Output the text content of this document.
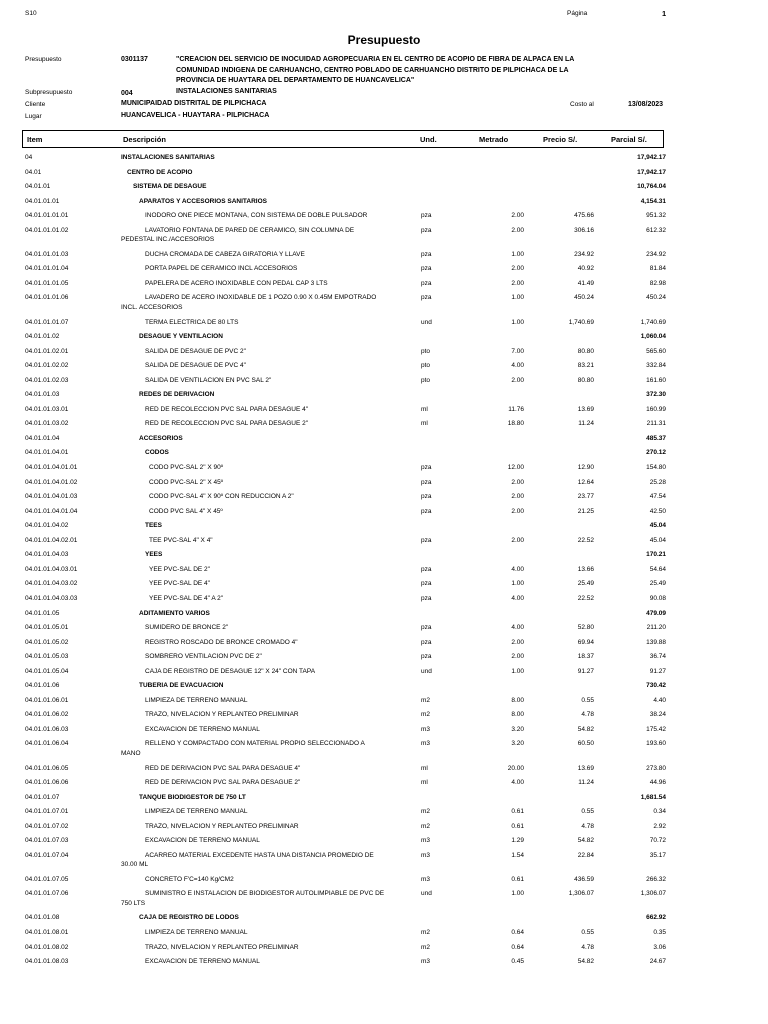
S10	Página	1
Presupuesto
Presupuesto	0301137	"CREACION DEL SERVICIO DE INOCUIDAD AGROPECUARIA EN EL CENTRO DE ACOPIO DE FIBRA DE ALPACA EN LA
COMUNIDAD INDIGENA DE CARHUANCHO, CENTRO POBLADO DE CARHUANCHO DISTRITO DE PILPICHACA DE LA
PROVINCIA DE HUAYTARA DEL DEPARTAMENTO DE HUANCAVELICA"
Subpresupuesto	004	INSTALACIONES SANITARIAS
Cliente	MUNICIPAIDAD DISTRITAL DE PILPICHACA	Costo al	13/08/2023
Lugar	HUANCAVELICA - HUAYTARA - PILPICHACA
Item	Descripción	Und.	Metrado	Precio S/.	Parcial S/.
04	INSTALACIONES SANITARIAS	17,942.17
04.01	CENTRO DE ACOPIO	17,942.17
04.01.01	SISTEMA DE DESAGUE	10,764.04
04.01.01.01	APARATOS Y ACCESORIOS SANITARIOS	4,154.31
04.01.01.01.01	INODORO ONE PIECE MONTANA, CON SISTEMA DE DOBLE PULSADOR	pza	2.00	475.66	951.32
04.01.01.01.02	LAVATORIO FONTANA DE PARED DE CERAMICO, SIN COLUMNA DE
PEDESTAL INC./ACCESORIOS
pza	2.00	306.16	612.32
04.01.01.01.03	DUCHA CROMADA DE CABEZA GIRATORIA Y LLAVE	pza	1.00	234.92	234.92
04.01.01.01.04	PORTA PAPEL DE CERAMICO INCL ACCESORIOS	pza	2.00	40.92	81.84
04.01.01.01.05	PAPELERA DE ACERO INOXIDABLE CON PEDAL CAP 3 LTS	pza	2.00	41.49	82.98
04.01.01.01.06	LAVADERO DE ACERO INOXIDABLE DE 1 POZO 0.90 X 0.45M EMPOTRADO
INCL. ACCESORIOS
pza	1.00	450.24	450.24
04.01.01.01.07	TERMA ELECTRICA DE 80 LTS	und	1.00	1,740.69	1,740.69
04.01.01.02	DESAGUE Y VENTILACION	1,060.04
04.01.01.02.01	SALIDA DE DESAGUE DE PVC 2"	pto	7.00	80.80	565.60
04.01.01.02.02	SALIDA DE DESAGUE DE PVC 4"	pto	4.00	83.21	332.84
04.01.01.02.03	SALIDA DE VENTILACION EN PVC SAL 2"	pto	2.00	80.80	161.60
04.01.01.03	REDES DE DERIVACION	372.30
04.01.01.03.01	RED DE RECOLECCION PVC SAL PARA DESAGUE 4"	ml	11.76	13.69	160.99
04.01.01.03.02	RED DE RECOLECCION PVC SAL PARA DESAGUE 2"	ml	18.80	11.24	211.31
04.01.01.04	ACCESORIOS	485.37
04.01.01.04.01	CODOS	270.12
04.01.01.04.01.01	CODO PVC-SAL 2" X 90º	pza	12.00	12.90	154.80
04.01.01.04.01.02	CODO PVC-SAL 2" X 45º	pza	2.00	12.64	25.28
04.01.01.04.01.03	CODO PVC-SAL 4" X 90º CON REDUCCION A 2"	pza	2.00	23.77	47.54
04.01.01.04.01.04	CODO PVC SAL 4" X 45º	pza	2.00	21.25	42.50
04.01.01.04.02	TEES	45.04
04.01.01.04.02.01	TEE PVC-SAL 4" X 4"	pza	2.00	22.52	45.04
04.01.01.04.03	YEES	170.21
04.01.01.04.03.01	YEE PVC-SAL DE 2"	pza	4.00	13.66	54.64
04.01.01.04.03.02	YEE PVC-SAL DE 4"	pza	1.00	25.49	25.49
04.01.01.04.03.03	YEE PVC-SAL DE 4" A 2"	pza	4.00	22.52	90.08
04.01.01.05	ADITAMIENTO VARIOS	479.09
04.01.01.05.01	SUMIDERO DE BRONCE 2"	pza	4.00	52.80	211.20
04.01.01.05.02	REGISTRO ROSCADO DE BRONCE CROMADO 4"	pza	2.00	69.94	139.88
04.01.01.05.03	SOMBRERO VENTILACION PVC DE 2"	pza	2.00	18.37	36.74
04.01.01.05.04	CAJA DE REGISTRO DE DESAGUE 12" X 24" CON TAPA	und	1.00	91.27	91.27
04.01.01.06	TUBERIA DE EVACUACION	730.42
04.01.01.06.01	LIMPIEZA DE TERRENO MANUAL	m2	8.00	0.55	4.40
04.01.01.06.02	TRAZO, NIVELACION Y REPLANTEO PRELIMINAR	m2	8.00	4.78	38.24
04.01.01.06.03	EXCAVACION DE TERRENO MANUAL	m3	3.20	54.82	175.42
04.01.01.06.04	RELLENO Y COMPACTADO CON MATERIAL PROPIO SELECCIONADO A
MANO
m3	3.20	60.50	193.60
04.01.01.06.05	RED DE DERIVACION PVC SAL PARA DESAGUE 4"	ml	20.00	13.69	273.80
04.01.01.06.06	RED DE DERIVACION PVC SAL PARA DESAGUE 2"	ml	4.00	11.24	44.96
04.01.01.07	TANQUE BIODIGESTOR DE 750 LT	1,681.54
04.01.01.07.01	LIMPIEZA DE TERRENO MANUAL	m2	0.61	0.55	0.34
04.01.01.07.02	TRAZO, NIVELACION Y REPLANTEO PRELIMINAR	m2	0.61	4.78	2.92
04.01.01.07.03	EXCAVACION DE TERRENO MANUAL	m3	1.29	54.82	70.72
04.01.01.07.04	ACARREO MATERIAL EXCEDENTE HASTA UNA DISTANCIA PROMEDIO DE
30.00 ML
m3	1.54	22.84	35.17
04.01.01.07.05	CONCRETO F'C=140 Kg/CM2	m3	0.61	436.59	266.32
04.01.01.07.06	SUMINISTRO E INSTALACION DE BIODIGESTOR AUTOLIMPIABLE DE PVC DE
750 LTS
und	1.00	1,306.07	1,306.07
04.01.01.08	CAJA DE REGISTRO DE LODOS	662.92
04.01.01.08.01	LIMPIEZA DE TERRENO MANUAL	m2	0.64	0.55	0.35
04.01.01.08.02	TRAZO, NIVELACION Y REPLANTEO PRELIMINAR	m2	0.64	4.78	3.06
04.01.01.08.03	EXCAVACION DE TERRENO MANUAL	m3	0.45	54.82	24.67
